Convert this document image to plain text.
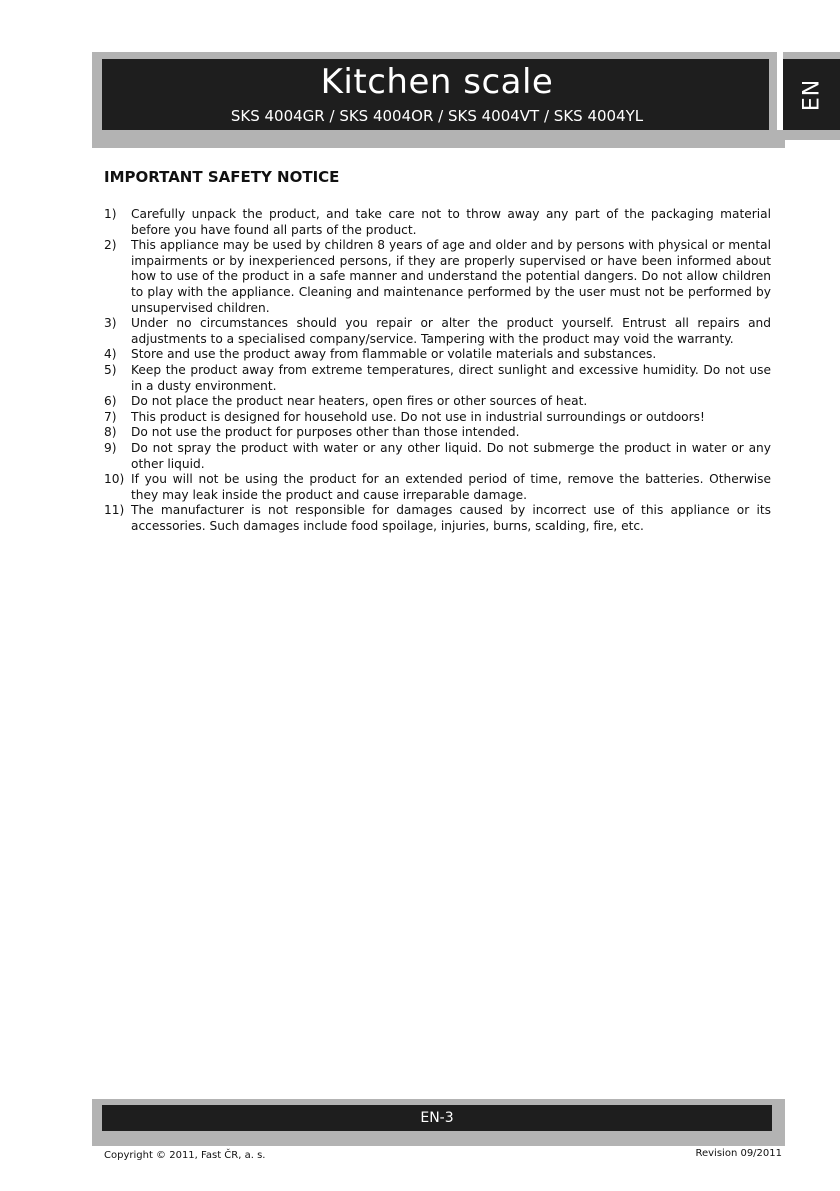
Kitchen scale
SKS 4004GR / SKS 4004OR / SKS 4004VT / SKS 4004YL
EN
IMPORTANT SAFETY NOTICE
1)	Carefully unpack the product, and take care not to throw away any part of the packaging material before you have found all parts of the product.
2)	This appliance may be used by children 8 years of age and older and by persons with physical or mental impairments or by inexperienced persons, if they are properly supervised or have been informed about how to use of the product in a safe manner and understand the potential dangers. Do not allow children to play with the appliance. Cleaning and maintenance performed by the user must not be performed by unsupervised children.
3)	Under no circumstances should you repair or alter the product yourself. Entrust all repairs and adjustments to a specialised company/service. Tampering with the product may void the warranty.
4)	Store and use the product away from flammable or volatile materials and substances.
5)	Keep the product away from extreme temperatures, direct sunlight and excessive humidity. Do not use in a dusty environment.
6)	Do not place the product near heaters, open fires or other sources of heat.
7)	This product is designed for household use. Do not use in industrial surroundings or outdoors!
8)	Do not use the product for purposes other than those intended.
9)	Do not spray the product with water or any other liquid. Do not submerge the product in water or any other liquid.
10) If you will not be using the product for an extended period of time, remove the batteries. Otherwise they may leak inside the product and cause irreparable damage.
11) The manufacturer is not responsible for damages caused by incorrect use of this appliance or its accessories. Such damages include food spoilage, injuries, burns, scalding, fire, etc.
EN-3
Copyright © 2011, Fast ČR, a. s.	Revision 09/2011
